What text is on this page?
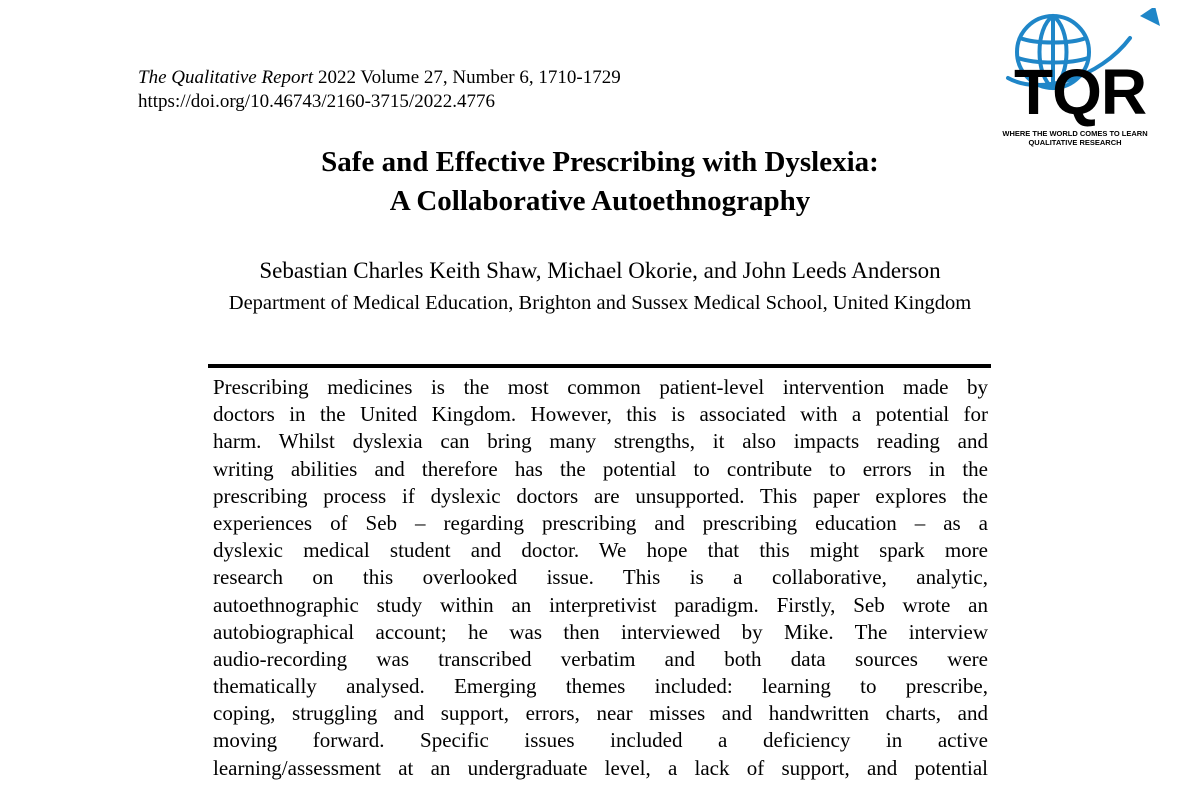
The Qualitative Report 2022 Volume 27, Number 6, 1710-1729
https://doi.org/10.46743/2160-3715/2022.4776	TQR
WHERE THE WORLD COMES TO LEARN
QUALITATIVE RESEARCH
Safe and Effective Prescribing with Dyslexia:
A Collaborative Autoethnography
Sebastian Charles Keith Shaw, Michael Okorie, and John Leeds Anderson
Department of Medical Education, Brighton and Sussex Medical School, United Kingdom
Prescribing medicines is the most common patient-level intervention made by
doctors in the United Kingdom. However, this is associated with a potential for
harm. Whilst dyslexia can bring many strengths, it also impacts reading and
writing abilities and therefore has the potential to contribute to errors in the
prescribing process if dyslexic doctors are unsupported. This paper explores the
experiences of Seb – regarding prescribing and prescribing education – as a
dyslexic medical student and doctor. We hope that this might spark more
research on this overlooked issue. This is a collaborative, analytic,
autoethnographic study within an interpretivist paradigm. Firstly, Seb wrote an
autobiographical account; he was then interviewed by Mike. The interview
audio-recording was transcribed verbatim and both data sources were
thematically analysed. Emerging themes included: learning to prescribe,
coping, struggling and support, errors, near misses and handwritten charts, and
moving forward. Specific issues included a deficiency in active
learning/assessment at an undergraduate level, a lack of support, and potential
